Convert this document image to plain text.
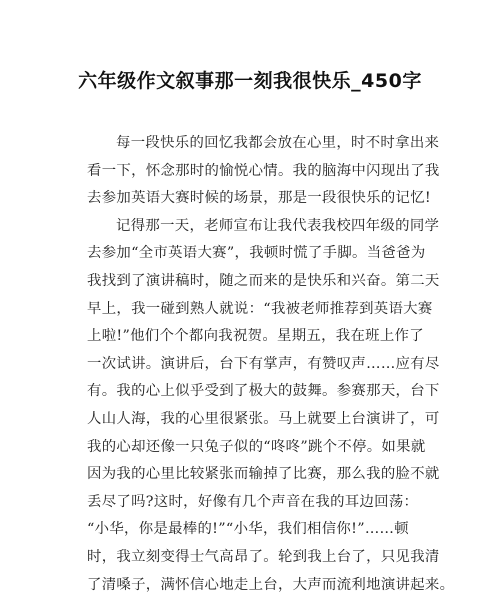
六年级作文叙事那一刻我很快乐_450字
每一段快乐的回忆我都会放在心里，时不时拿出来
看一下，怀念那时的愉悦心情。我的脑海中闪现出了我
去参加英语大赛时候的场景，那是一段很快乐的记忆!
记得那一天，老师宣布让我代表我校四年级的同学
去参加“全市英语大赛”，我顿时慌了手脚。当爸爸为
我找到了演讲稿时，随之而来的是快乐和兴奋。第二天
早上，我一碰到熟人就说：“我被老师推荐到英语大赛
上啦!”他们个个都向我祝贺。星期五，我在班上作了
一次试讲。演讲后，台下有掌声，有赞叹声……应有尽
有。我的心上似乎受到了极大的鼓舞。参赛那天，台下
人山人海，我的心里很紧张。马上就要上台演讲了，可
我的心却还像一只兔子似的“咚咚”跳个不停。如果就
因为我的心里比较紧张而输掉了比赛，那么我的脸不就
丢尽了吗?这时，好像有几个声音在我的耳边回荡：
“小华，你是最棒的!”“小华，我们相信你!”……顿
时，我立刻变得士气高昂了。轮到我上台了，只见我清
了清嗓子，满怀信心地走上台，大声而流利地演讲起来。
